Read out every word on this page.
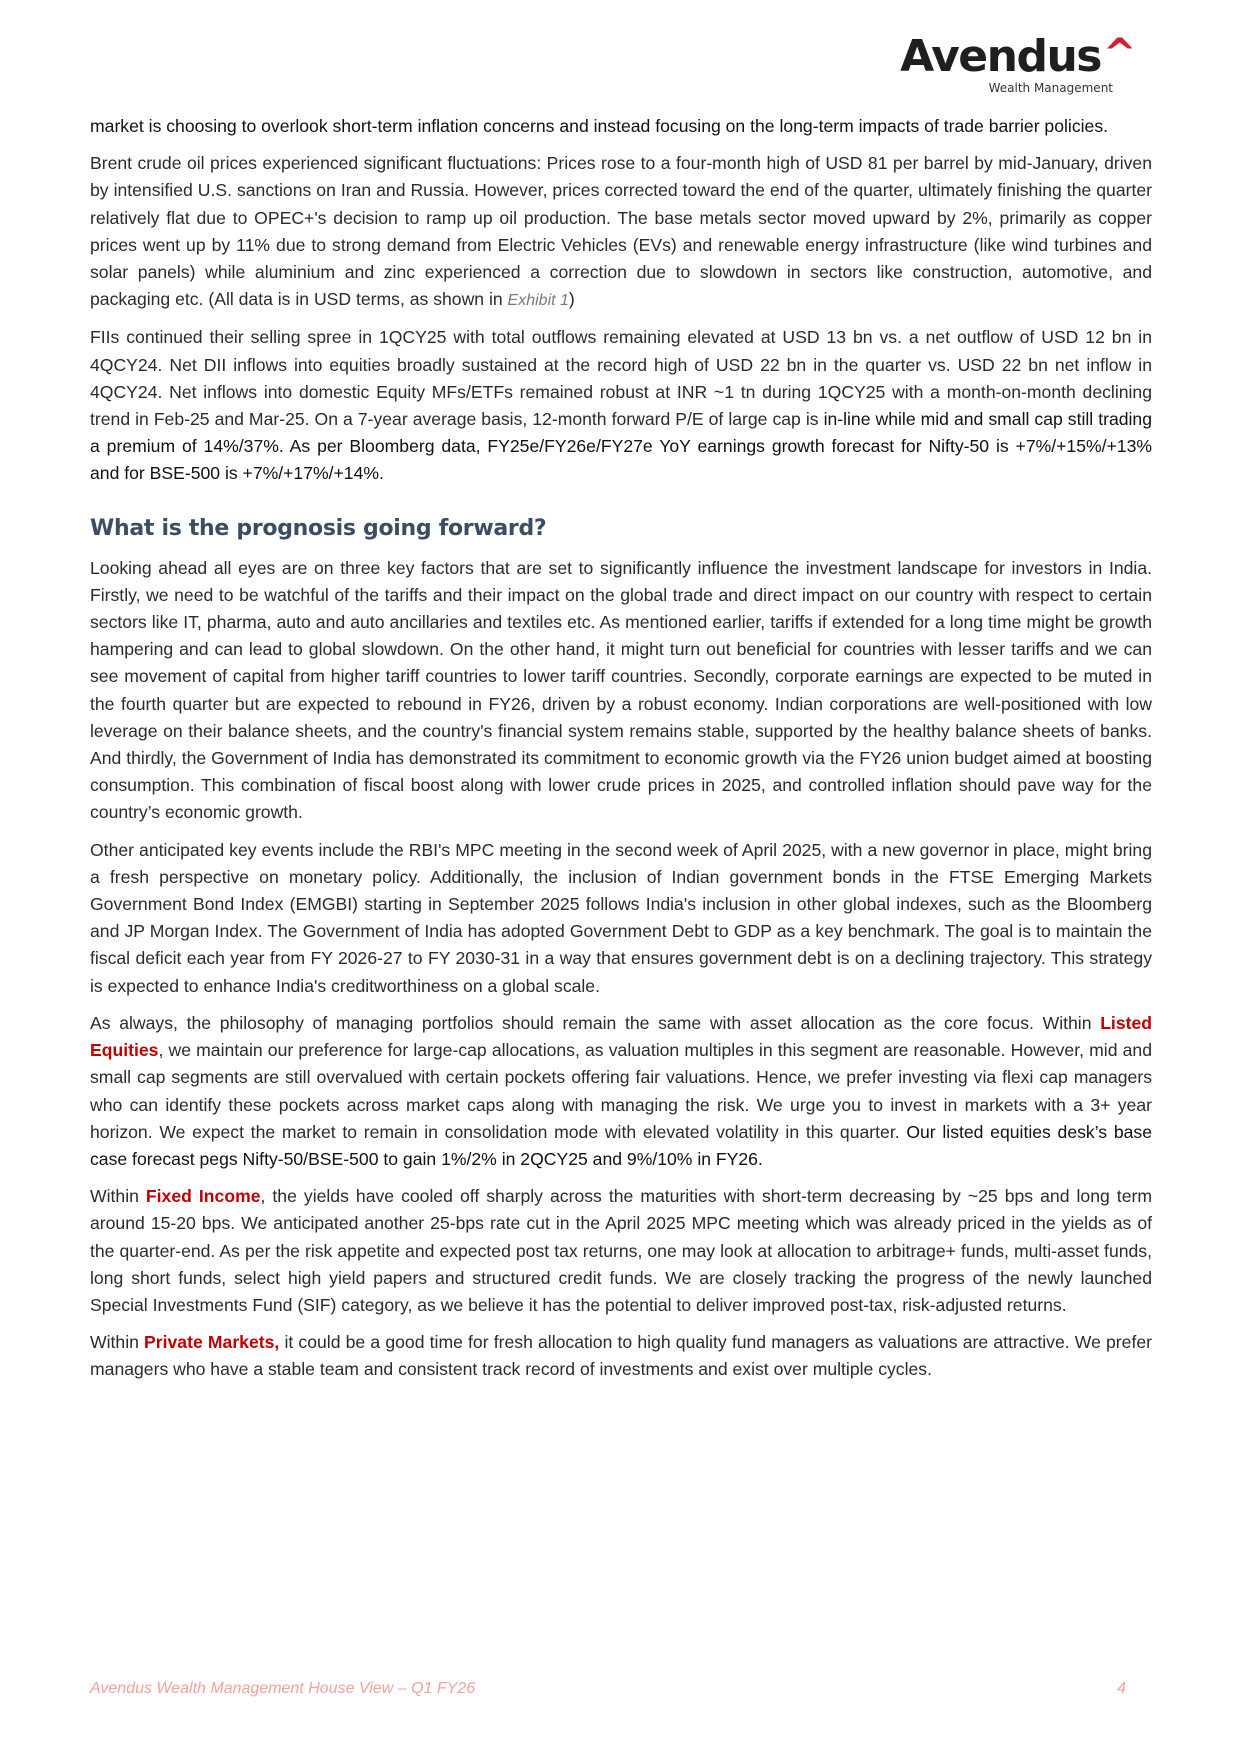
Avendus^
Wealth Management

market is choosing to overlook short-term inflation concerns and instead focusing on the long-term impacts of trade barrier policies.

Brent crude oil prices experienced significant fluctuations: Prices rose to a four-month high of USD 81 per barrel by mid-January, driven by intensified U.S. sanctions on Iran and Russia. However, prices corrected toward the end of the quarter, ultimately finishing the quarter relatively flat due to OPEC+'s decision to ramp up oil production. The base metals sector moved upward by 2%, primarily as copper prices went up by 11% due to strong demand from Electric Vehicles (EVs) and renewable energy infrastructure (like wind turbines and solar panels) while aluminium and zinc experienced a correction due to slowdown in sectors like construction, automotive, and packaging etc. (All data is in USD terms, as shown in Exhibit 1)

FIIs continued their selling spree in 1QCY25 with total outflows remaining elevated at USD 13 bn vs. a net outflow of USD 12 bn in 4QCY24. Net DII inflows into equities broadly sustained at the record high of USD 22 bn in the quarter vs. USD 22 bn net inflow in 4QCY24. Net inflows into domestic Equity MFs/ETFs remained robust at INR ~1 tn during 1QCY25 with a month-on-month declining trend in Feb-25 and Mar-25. On a 7-year average basis, 12-month forward P/E of large cap is in-line while mid and small cap still trading a premium of 14%/37%. As per Bloomberg data, FY25e/FY26e/FY27e YoY earnings growth forecast for Nifty-50 is +7%/+15%/+13% and for BSE-500 is +7%/+17%/+14%.

What is the prognosis going forward?

Looking ahead all eyes are on three key factors that are set to significantly influence the investment landscape for investors in India. Firstly, we need to be watchful of the tariffs and their impact on the global trade and direct impact on our country with respect to certain sectors like IT, pharma, auto and auto ancillaries and textiles etc. As mentioned earlier, tariffs if extended for a long time might be growth hampering and can lead to global slowdown. On the other hand, it might turn out beneficial for countries with lesser tariffs and we can see movement of capital from higher tariff countries to lower tariff countries. Secondly, corporate earnings are expected to be muted in the fourth quarter but are expected to rebound in FY26, driven by a robust economy. Indian corporations are well-positioned with low leverage on their balance sheets, and the country's financial system remains stable, supported by the healthy balance sheets of banks. And thirdly, the Government of India has demonstrated its commitment to economic growth via the FY26 union budget aimed at boosting consumption. This combination of fiscal boost along with lower crude prices in 2025, and controlled inflation should pave way for the country’s economic growth.

Other anticipated key events include the RBI's MPC meeting in the second week of April 2025, with a new governor in place, might bring a fresh perspective on monetary policy. Additionally, the inclusion of Indian government bonds in the FTSE Emerging Markets Government Bond Index (EMGBI) starting in September 2025 follows India's inclusion in other global indexes, such as the Bloomberg and JP Morgan Index. The Government of India has adopted Government Debt to GDP as a key benchmark. The goal is to maintain the fiscal deficit each year from FY 2026-27 to FY 2030-31 in a way that ensures government debt is on a declining trajectory. This strategy is expected to enhance India's creditworthiness on a global scale.

As always, the philosophy of managing portfolios should remain the same with asset allocation as the core focus. Within Listed Equities, we maintain our preference for large-cap allocations, as valuation multiples in this segment are reasonable. However, mid and small cap segments are still overvalued with certain pockets offering fair valuations. Hence, we prefer investing via flexi cap managers who can identify these pockets across market caps along with managing the risk. We urge you to invest in markets with a 3+ year horizon. We expect the market to remain in consolidation mode with elevated volatility in this quarter. Our listed equities desk’s base case forecast pegs Nifty-50/BSE-500 to gain 1%/2% in 2QCY25 and 9%/10% in FY26.

Within Fixed Income, the yields have cooled off sharply across the maturities with short-term decreasing by ~25 bps and long term around 15-20 bps. We anticipated another 25-bps rate cut in the April 2025 MPC meeting which was already priced in the yields as of the quarter-end. As per the risk appetite and expected post tax returns, one may look at allocation to arbitrage+ funds, multi-asset funds, long short funds, select high yield papers and structured credit funds. We are closely tracking the progress of the newly launched Special Investments Fund (SIF) category, as we believe it has the potential to deliver improved post-tax, risk-adjusted returns.

Within Private Markets, it could be a good time for fresh allocation to high quality fund managers as valuations are attractive. We prefer managers who have a stable team and consistent track record of investments and exist over multiple cycles.

Avendus Wealth Management House View – Q1 FY26	4
